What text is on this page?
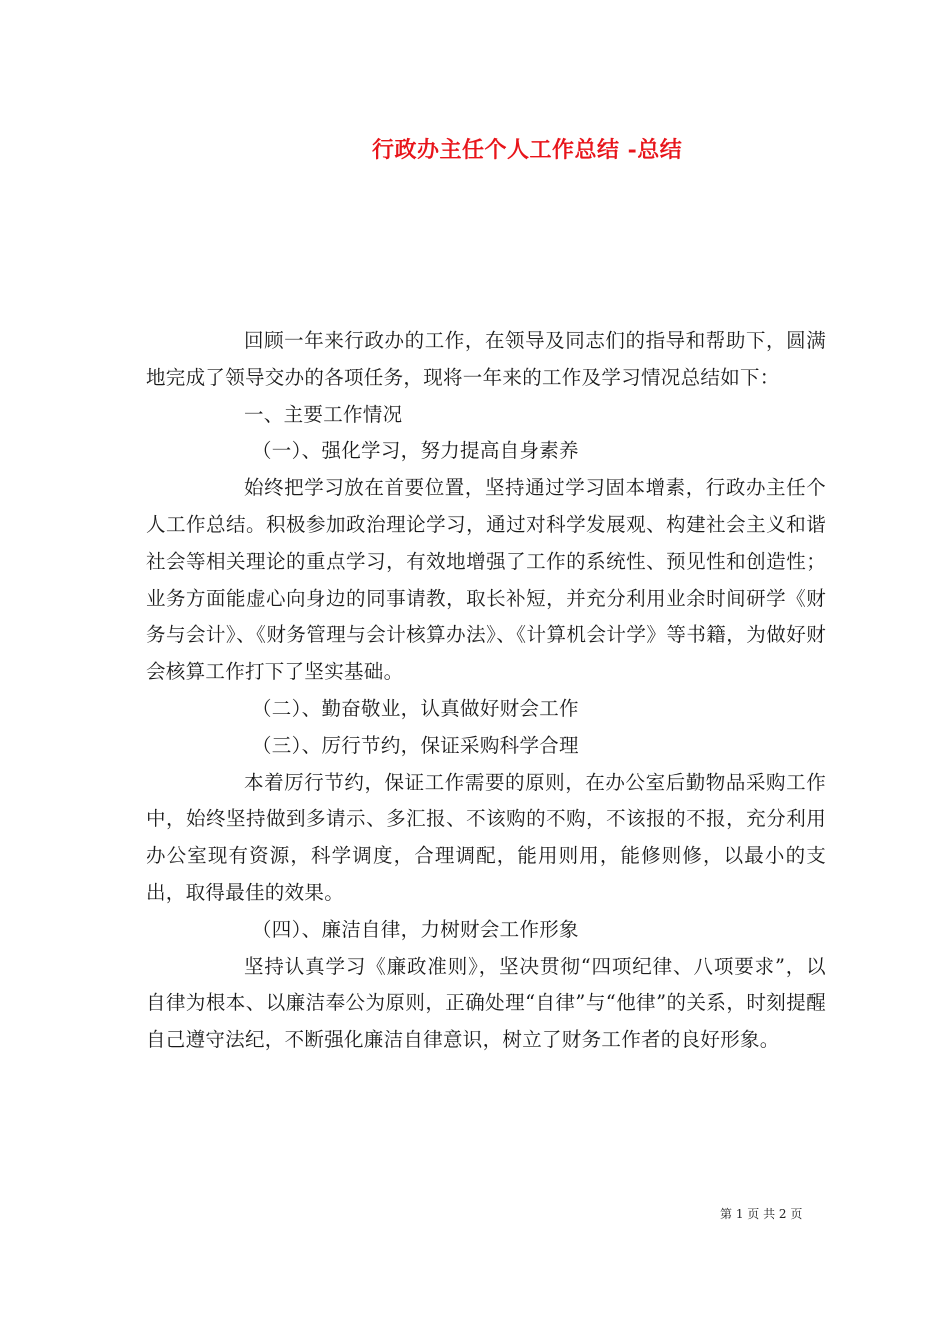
行政办主任个人工作总结 -总结

回顾一年来行政办的工作，在领导及同志们的指导和帮助下，圆满地完成了领导交办的各项任务，现将一年来的工作及学习情况总结如下：

一、主要工作情况

（一）、强化学习，努力提高自身素养

始终把学习放在首要位置，坚持通过学习固本增素，行政办主任个人工作总结。积极参加政治理论学习，通过对科学发展观、构建社会主义和谐社会等相关理论的重点学习，有效地增强了工作的系统性、预见性和创造性；业务方面能虚心向身边的同事请教，取长补短，并充分利用业余时间研学《财务与会计》、《财务管理与会计核算办法》、《计算机会计学》等书籍，为做好财会核算工作打下了坚实基础。

（二）、勤奋敬业，认真做好财会工作

（三）、厉行节约，保证采购科学合理

本着厉行节约，保证工作需要的原则，在办公室后勤物品采购工作中，始终坚持做到多请示、多汇报、不该购的不购，不该报的不报，充分利用办公室现有资源，科学调度，合理调配，能用则用，能修则修，以最小的支出，取得最佳的效果。

（四）、廉洁自律，力树财会工作形象

坚持认真学习《廉政准则》，坚决贯彻“四项纪律、八项要求”，以自律为根本、以廉洁奉公为原则，正确处理“自律”与“他律”的关系，时刻提醒自己遵守法纪，不断强化廉洁自律意识，树立了财务工作者的良好形象。

第 1 页 共 2 页
